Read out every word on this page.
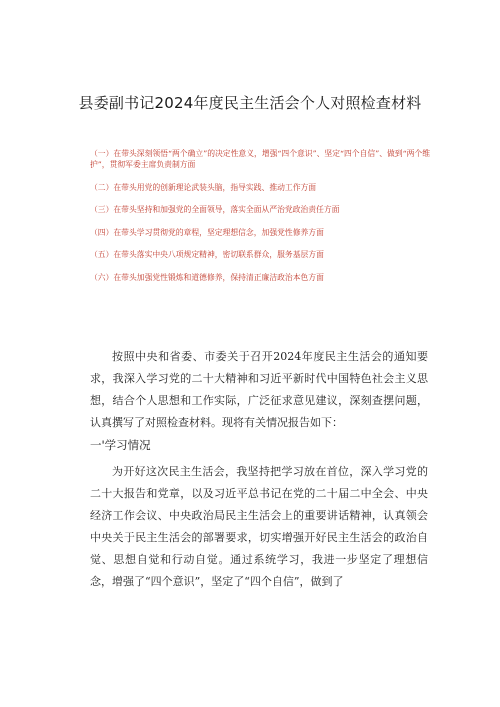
县委副书记2024年度民主生活会个人对照检查材料
（一）在带头深刻领悟“两个确立”的决定性意义，增强“四个意识”、坚定“四个自信”、做到“两个维护”，贯彻军委主席负责制方面
（二）在带头用党的创新理论武装头脑，指导实践、推动工作方面
（三）在带头坚持和加强党的全面领导，落实全面从严治党政治责任方面
（四）在带头学习贯彻党的章程，坚定理想信念，加强党性修养方面
（五）在带头落实中央八项规定精神，密切联系群众，服务基层方面
（六）在带头加强党性锻炼和道德修养，保持清正廉洁政治本色方面
按照中央和省委、市委关于召开2024年度民主生活会的通知要求，我深入学习党的二十大精神和习近平新时代中国特色社会主义思想，结合个人思想和工作实际，广泛征求意见建议，深刻查摆问题，认真撰写了对照检查材料。现将有关情况报告如下：
一'学习情况
为开好这次民主生活会，我坚持把学习放在首位，深入学习党的二十大报告和党章，以及习近平总书记在党的二十届二中全会、中央经济工作会议、中央政治局民主生活会上的重要讲话精神，认真领会中央关于民主生活会的部署要求，切实增强开好民主生活会的政治自觉、思想自觉和行动自觉。通过系统学习，我进一步坚定了理想信念，增强了“四个意识”，坚定了“四个自信”，做到了
